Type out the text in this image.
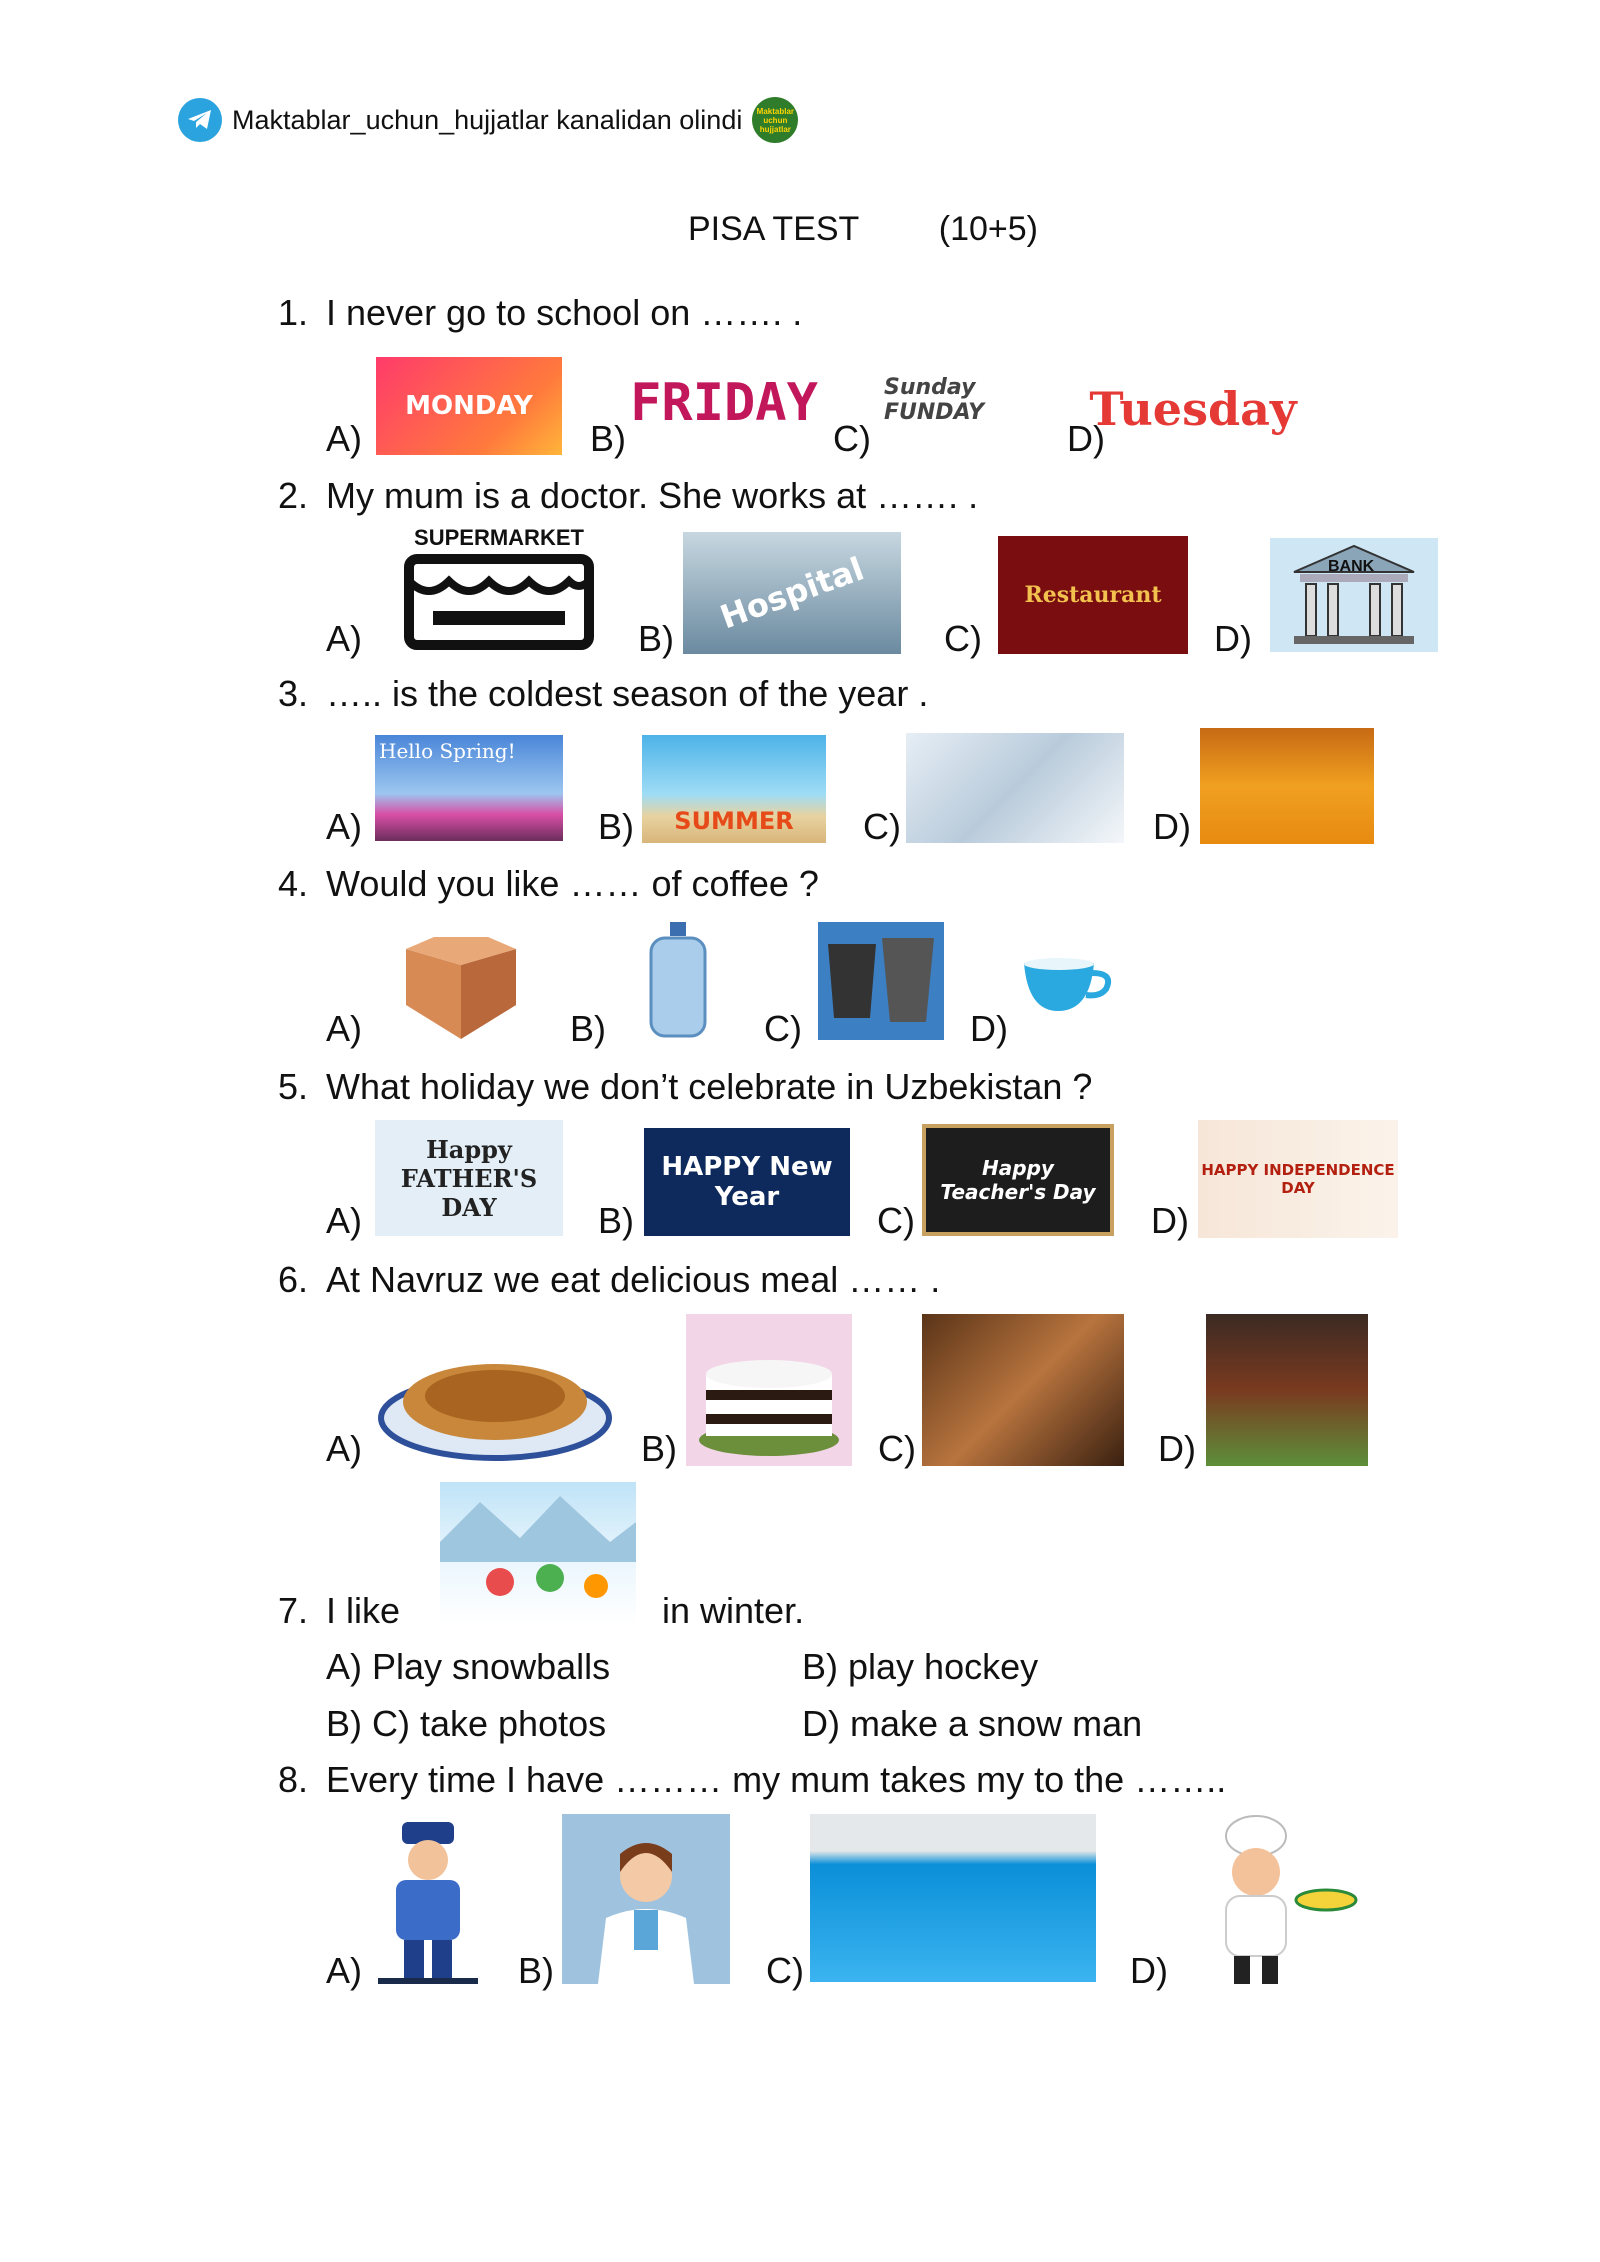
Maktablar_uchun_hujjatlar kanalidan olindi	Maktablar uchun hujjatlar
PISA TEST (10+5)
1. I never go to school on ……. .
A)
MONDAY
B)
FRIDAY
C)
Sunday FUNDAY
D)
Tuesday
2. My mum is a doctor. She works at ……. .
A)
SUPERMARKET
B)
Hospital
C)
Restaurant
D)
BANK
3. ….. is the coldest season of the year .
A)
Hello Spring!
B)	SUMMER	C)	D)
4. Would you like …… of coffee ?
A)	B)	C)	D)
5. What holiday we don’t celebrate in Uzbekistan ?
A)
Happy FATHER'S DAY	B)
HAPPY New Year
C)
Happy Teacher's Day
D)
HAPPY INDEPENDENCE DAY
6. At Navruz we eat delicious meal …… .
A)	B)	C)	D)
7. I like	in winter.
A) Play snowballs	B) play hockey
B) C) take photos	D) make a snow man
8. Every time I have ……… my mum takes my to the ……..
A)	B)	C)	D)
